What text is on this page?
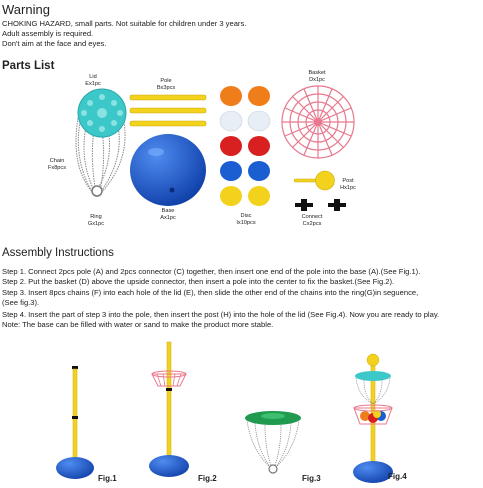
Warning
CHOKING HAZARD, small parts. Not suitable for children under 3 years.
Adult assembly is required.
Don't aim at the face and eyes.
Parts List
Lid
Ex1pc
Chain
Fx8pcs
Ring
Gx1pc
Pole
Bx3pcs
Base
Ax1pc	Disc
Ix10pcs
Basket
Dx1pc
Post
Hx1pc
Connect
Cx2pcs
Assembly Instructions
Step 1. Connect 2pcs pole (A) and 2pcs connector (C) together, then insert one end of the pole into the base (A).(See Fig.1).
Step 2. Put the basket (D) above the upside connector, then insert a pole into the center to fix the basket.(See Fig.2).
Step 3. Insert 8pcs chains (F) into each hole of the lid (E), then slide the other end of the chains into the ring(G)in seguence,
(See fig.3).
Step 4. Insert the part of step 3 into the pole, then insert the post (H) into the hole of the lid (See Fig.4). Now you are ready to play.
Note: The base can be filled with water or sand to make the product more stable.
Fig.1	Fig.2	Fig.3	Fig.4
